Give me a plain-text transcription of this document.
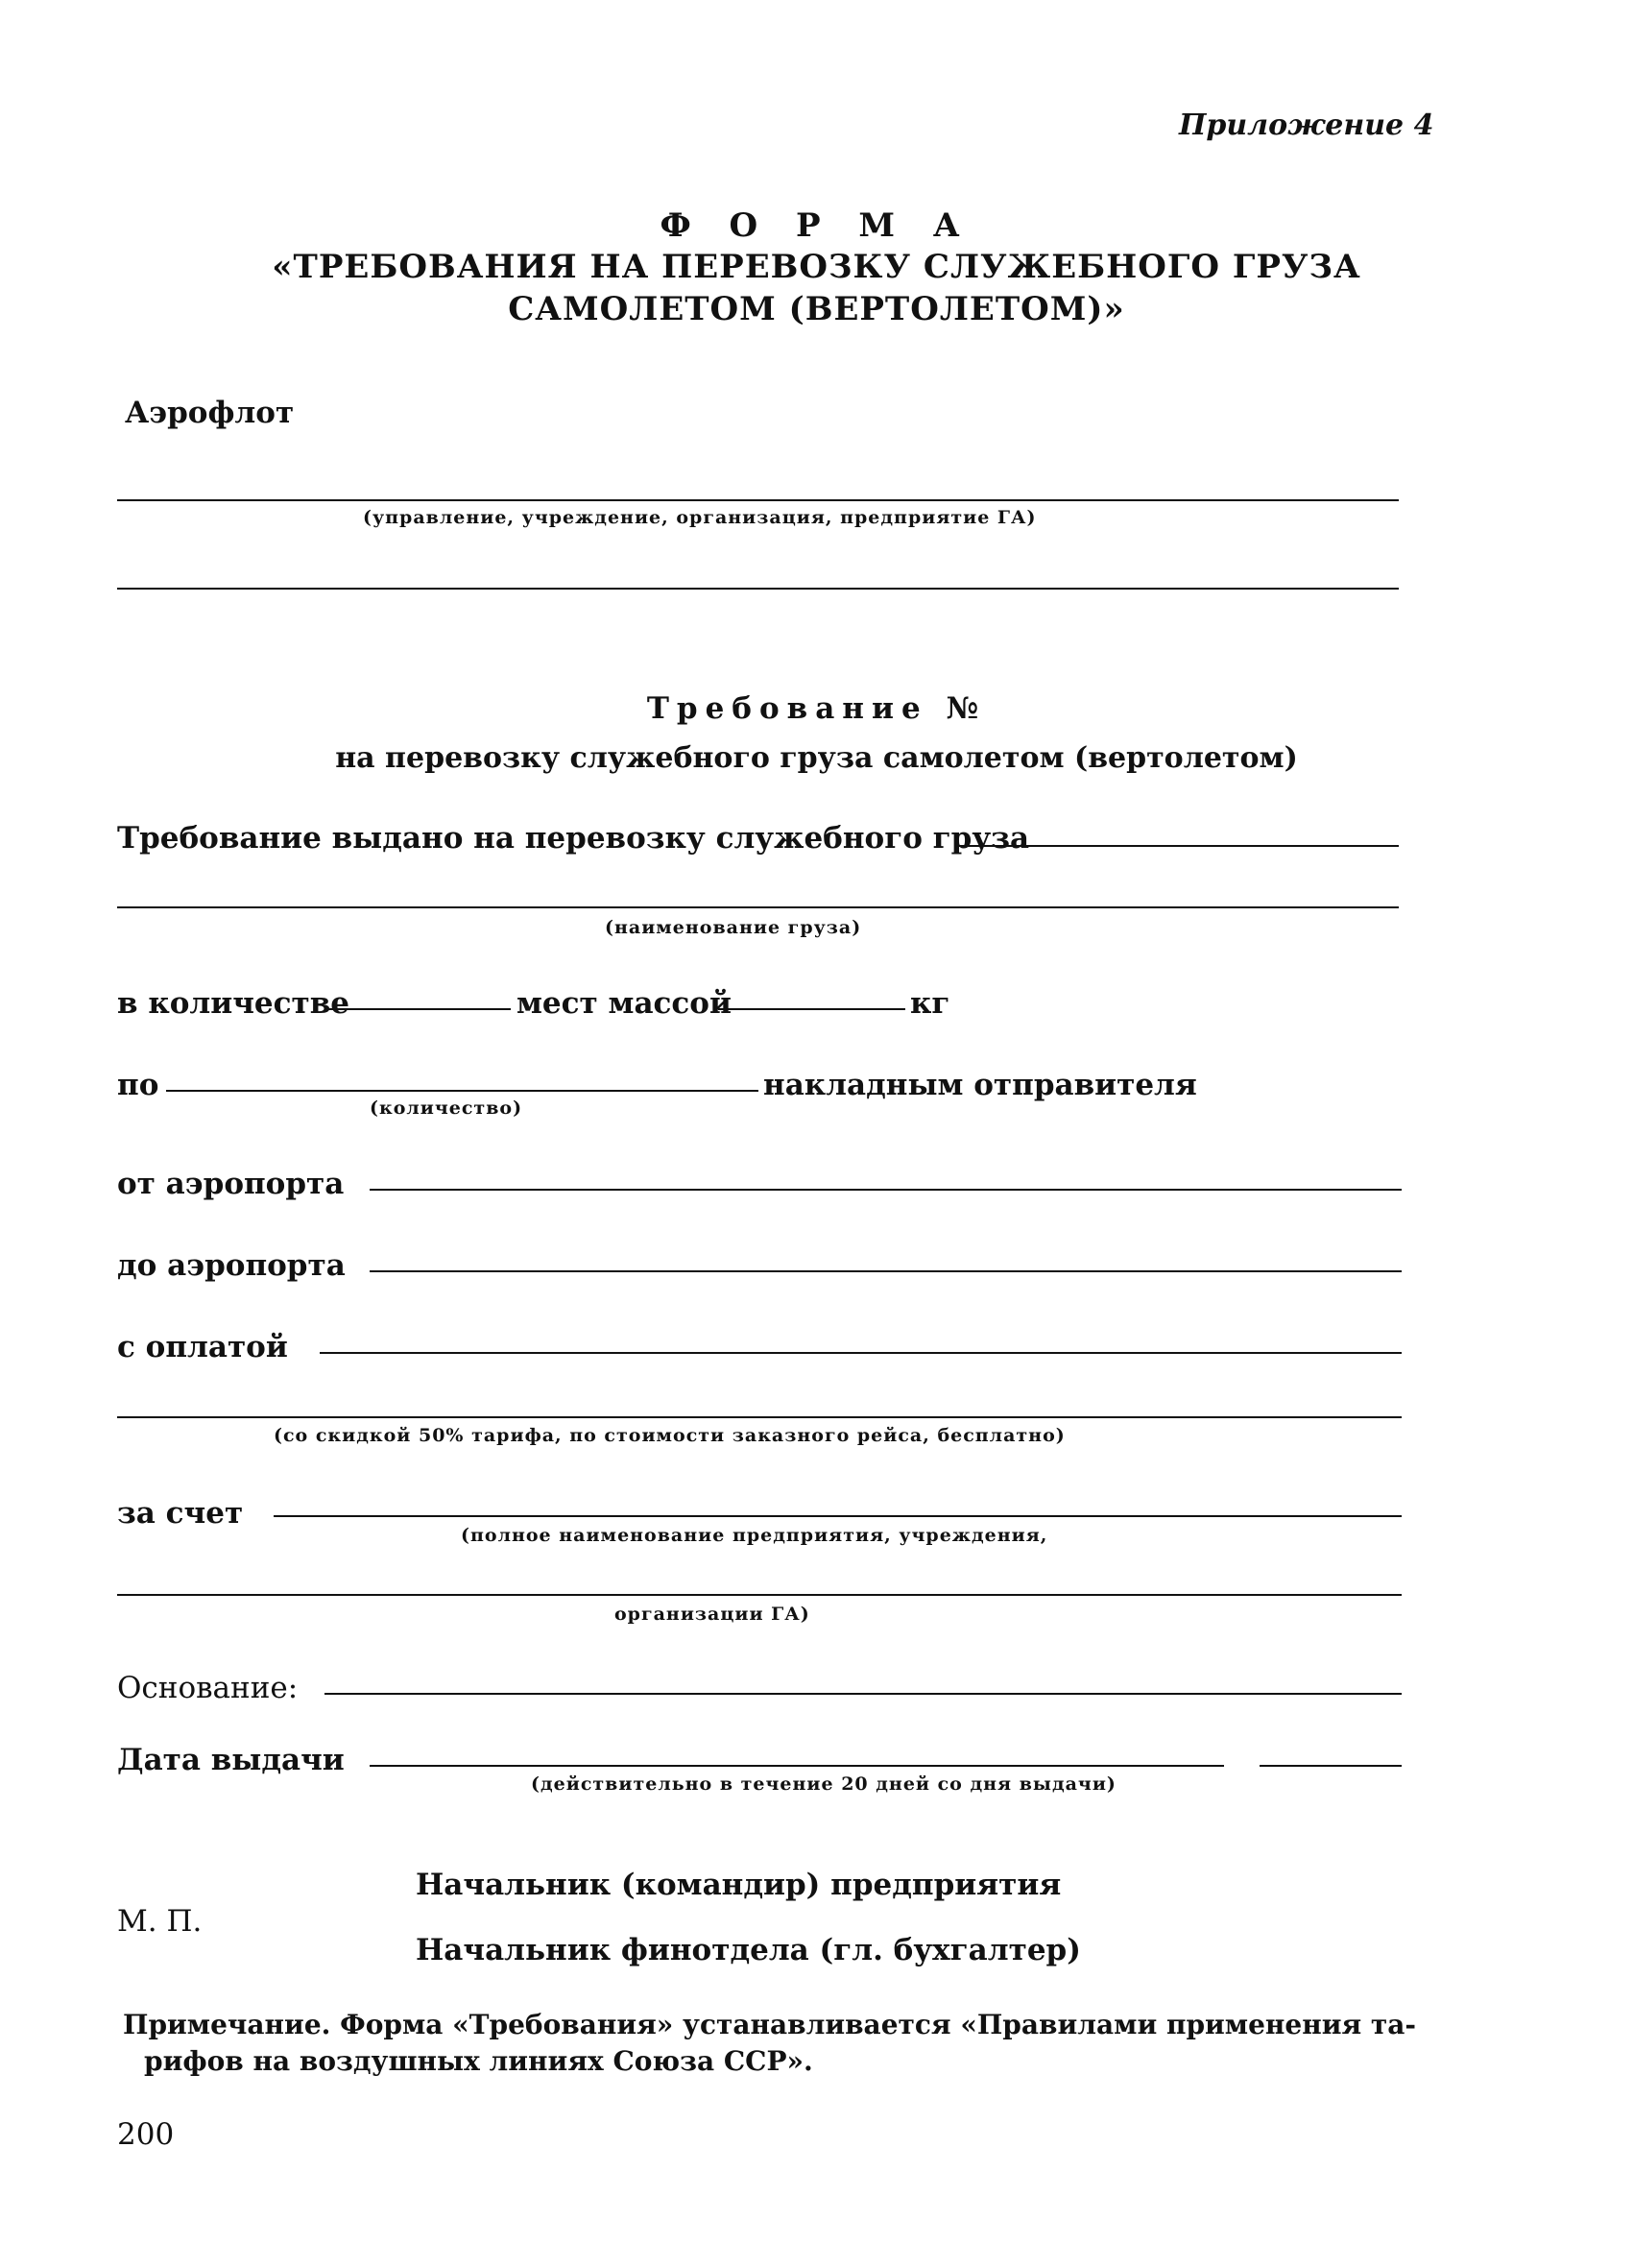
Приложение 4
Ф О Р М А
«ТРЕБОВАНИЯ НА ПЕРЕВОЗКУ СЛУЖЕБНОГО ГРУЗА
САМОЛЕТОМ (ВЕРТОЛЕТОМ)»
Аэрофлот
(управление, учреждение, организация, предприятие ГА)
Требование №
на перевозку служебного груза самолетом (вертолетом)
Требование выдано на перевозку служебного груза
(наименование груза)
в количестве	мест массой	кг
по
(количество)
накладным отправителя
от аэропорта
до аэропорта
с оплатой
(со скидкой 50% тарифа, по стоимости заказного рейса, бесплатно)
за счет
(полное наименование предприятия, учреждения,
организации ГА)
Основание:
Дата выдачи
(действительно в течение 20 дней со дня выдачи)
Начальник (командир) предприятия
М. П.
Начальник финотдела (гл. бухгалтер)
Примечание. Форма «Требования» устанавливается «Правилами применения та-
рифов на воздушных линиях Союза ССР».
200
